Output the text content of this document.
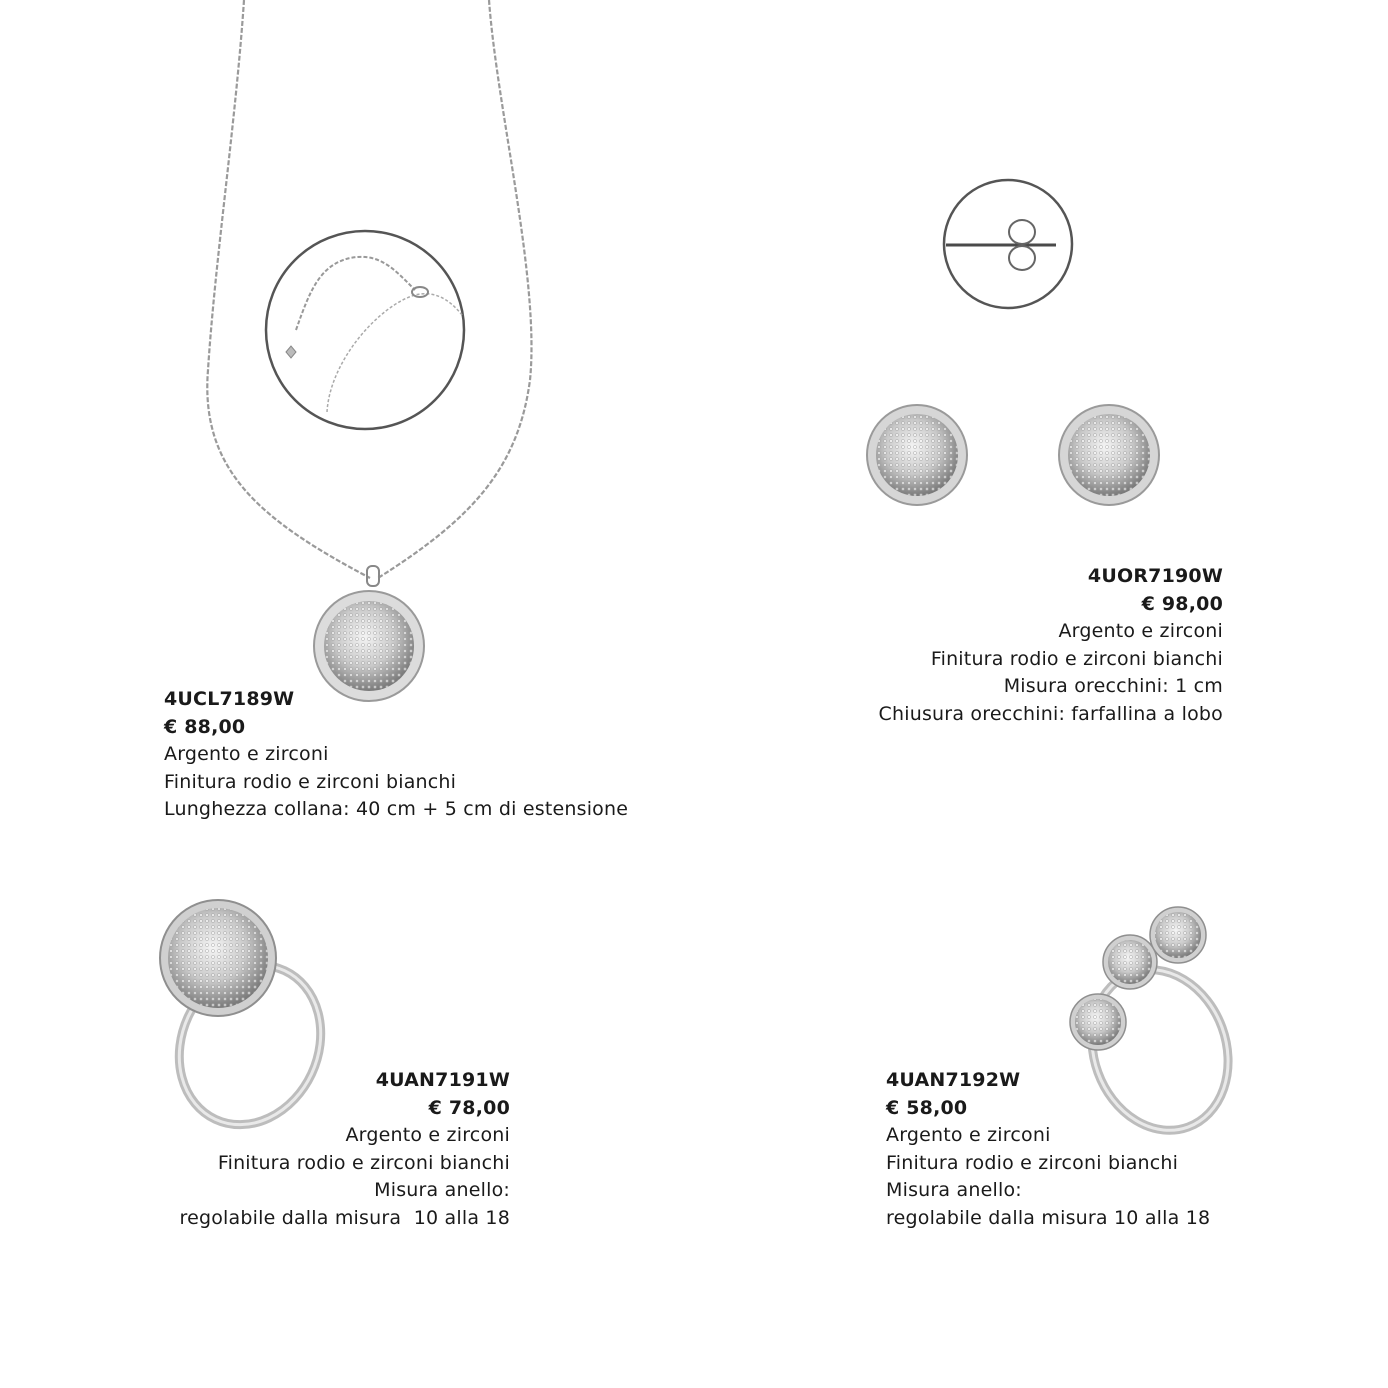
4UCL7189W
€ 88,00
Argento e zirconi
Finitura rodio e zirconi bianchi
Lunghezza collana: 40 cm + 5 cm di estensione
4UOR7190W
€ 98,00
Argento e zirconi
Finitura rodio e zirconi bianchi
Misura orecchini: 1 cm
Chiusura orecchini: farfallina a lobo
4UAN7191W
€ 78,00
Argento e zirconi
Finitura rodio e zirconi bianchi
Misura anello:
regolabile dalla misura  10 alla 18
4UAN7192W
€ 58,00
Argento e zirconi
Finitura rodio e zirconi bianchi
Misura anello:
regolabile dalla misura 10 alla 18
